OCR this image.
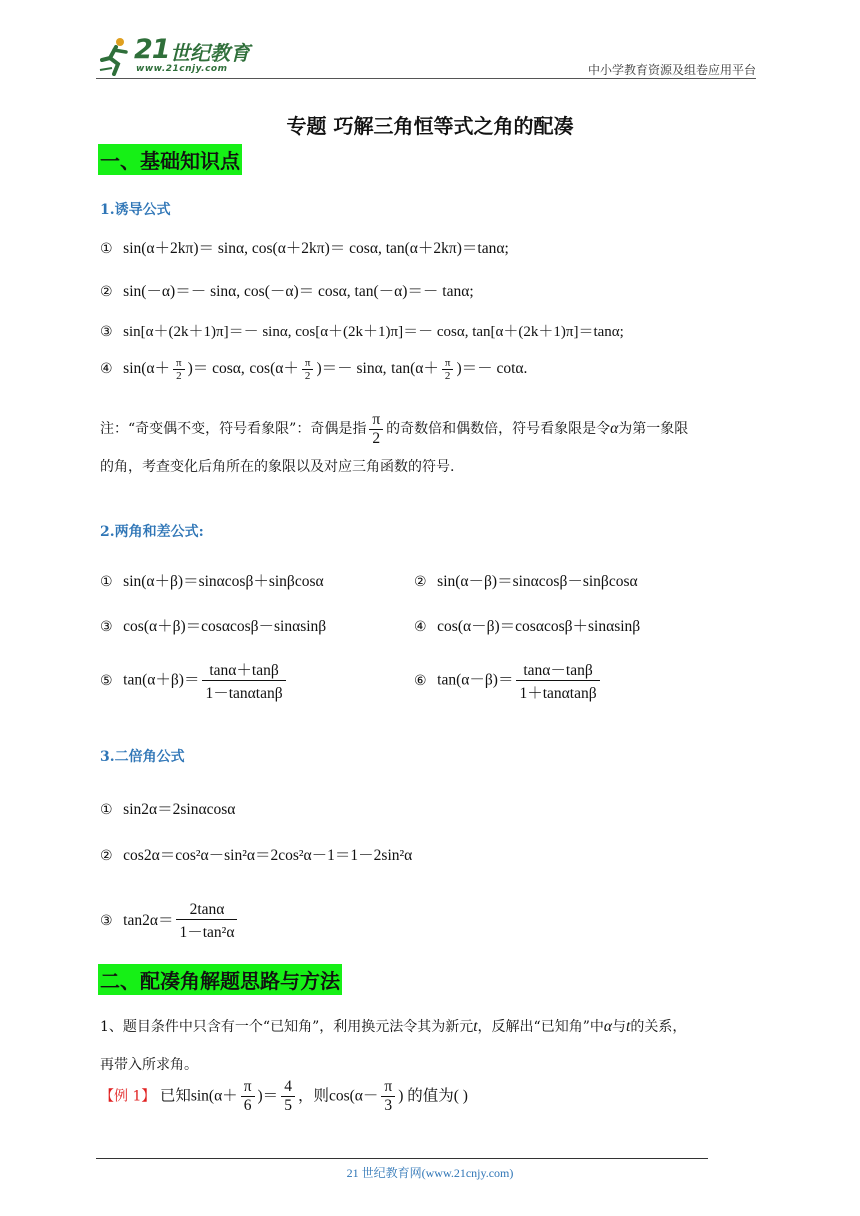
21 世纪教育
www.21cnjy.com	中小学教育资源及组卷应用平台
专题 巧解三角恒等式之角的配凑
一、基础知识点
1.诱导公式
① sin(α＋2kπ)＝ sinα, cos(α＋2kπ)＝ cosα, tan(α＋2kπ)＝tanα;
② sin(－α)＝－ sinα, cos(－α)＝ cosα, tan(－α)＝－ tanα;
③ sin[α＋(2k＋1)π]＝－ sinα, cos[α＋(2k＋1)π]＝－ cosα, tan[α＋(2k＋1)π]＝tanα;
④ $\sin(\alpha+ \frac{\pi}{2}$ )＝ cosα, $\cos(\alpha+ \frac{\pi}{2}$ )＝－ sinα, $\tan(\alpha+ \frac{\pi}{2}$ )＝－ cotα.
注：“奇变偶不变，符号看象限”：奇偶是指 $\frac{\pi}{2}$ 的奇数倍和偶数倍，符号看象限是令α为第一象限
的角，考查变化后角所在的象限以及对应三角函数的符号.
2.两角和差公式:
① sin(α＋β)＝sinαcosβ＋sinβcosα	② sin(α－β)＝sinαcosβ－sinβcosα
③ cos(α＋β)＝cosαcosβ－sinαsinβ	④ cos(α－β)＝cosαcosβ＋sinαsinβ
⑤ $\tan(\alpha+\beta)= \frac{\tan\alpha+\tan\beta}{1-\tan\alpha\tan\beta}$	⑥ $\tan(\alpha-\beta)= \frac{\tan\alpha-\tan\beta}{1+\tan\alpha\tan\beta}$
3.二倍角公式
① sin2α＝2sinαcosα
② cos2α＝cos²α－sin²α＝2cos²α－1＝1－2sin²α
③ $\tan 2\alpha= \frac{2\tan\alpha}{\text{1－tan²α}}$
二、配凑角解题思路与方法
1、题目条件中只含有一个“已知角”，利用换元法令其为新元t，反解出“已知角”中α与t的关系，
再带入所求角。
【例 1】 已知$\sin(\alpha+ \frac{\pi}{6}$ )＝ $\frac{4}{5}$ ，则$\cos(\alpha- \frac{\pi}{3}$ ) 的值为( )
21 世纪教育网(www.21cnjy.com)
